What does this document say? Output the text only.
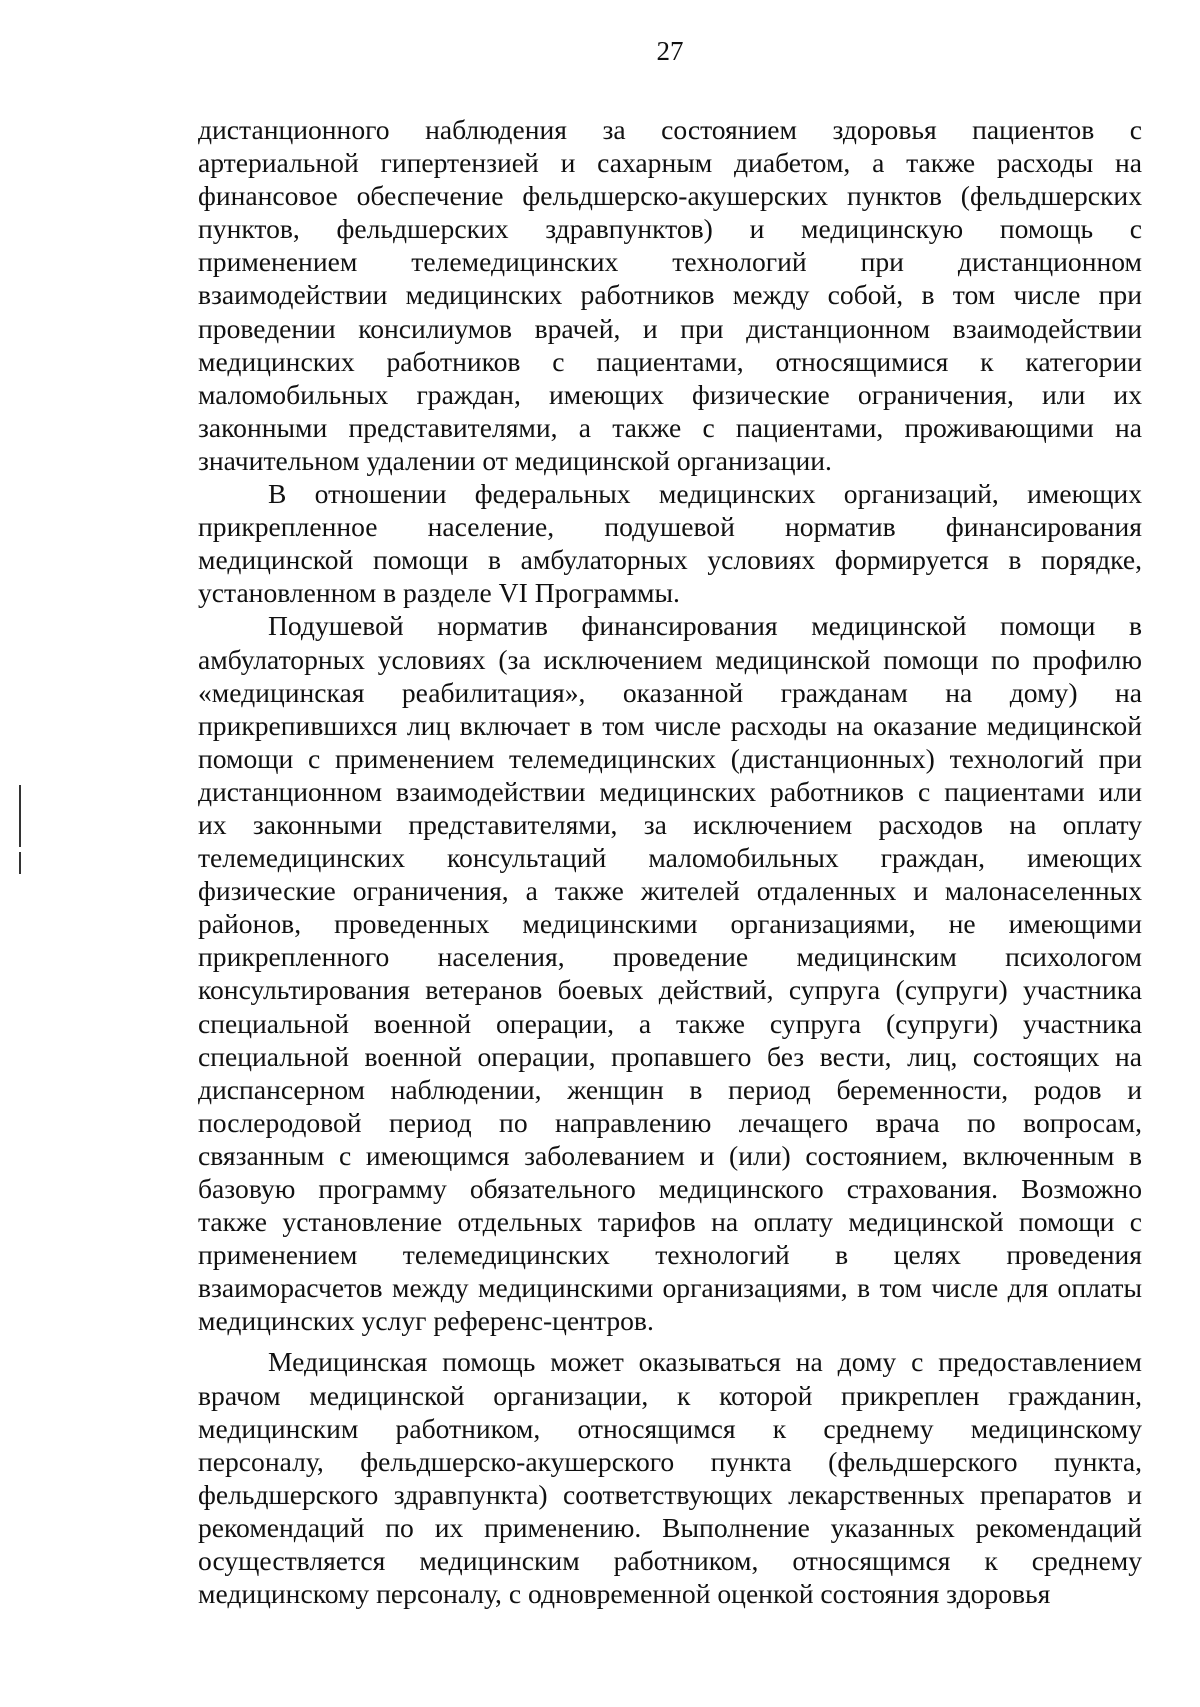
27
дистанционного наблюдения за состоянием здоровья пациентов с
артериальной гипертензией и сахарным диабетом, а также расходы на
финансовое обеспечение фельдшерско-акушерских пунктов (фельдшерских
пунктов, фельдшерских здравпунктов) и медицинскую помощь с
применением телемедицинских технологий при дистанционном
взаимодействии медицинских работников между собой, в том числе при
проведении консилиумов врачей, и при дистанционном взаимодействии
медицинских работников с пациентами, относящимися к категории
маломобильных граждан, имеющих физические ограничения, или их
законными представителями, а также с пациентами, проживающими на
значительном удалении от медицинской организации.
В отношении федеральных медицинских организаций, имеющих
прикрепленное население, подушевой норматив финансирования
медицинской помощи в амбулаторных условиях формируется в порядке,
установленном в разделе VI Программы.
Подушевой норматив финансирования медицинской помощи в
амбулаторных условиях (за исключением медицинской помощи по профилю
«медицинская реабилитация», оказанной гражданам на дому) на
прикрепившихся лиц включает в том числе расходы на оказание медицинской
помощи с применением телемедицинских (дистанционных) технологий при
дистанционном взаимодействии медицинских работников с пациентами или
их законными представителями, за исключением расходов на оплату
телемедицинских консультаций маломобильных граждан, имеющих
физические ограничения, а также жителей отдаленных и малонаселенных
районов, проведенных медицинскими организациями, не имеющими
прикрепленного населения, проведение медицинским психологом
консультирования ветеранов боевых действий, супруга (супруги) участника
специальной военной операции, а также супруга (супруги) участника
специальной военной операции, пропавшего без вести, лиц, состоящих на
диспансерном наблюдении, женщин в период беременности, родов и
послеродовой период по направлению лечащего врача по вопросам,
связанным с имеющимся заболеванием и (или) состоянием, включенным в
базовую программу обязательного медицинского страхования. Возможно
также установление отдельных тарифов на оплату медицинской помощи с
применением телемедицинских технологий в целях проведения
взаиморасчетов между медицинскими организациями, в том числе для оплаты
медицинских услуг референс-центров.
Медицинская помощь может оказываться на дому с предоставлением
врачом медицинской организации, к которой прикреплен гражданин,
медицинским работником, относящимся к среднему медицинскому
персоналу, фельдшерско-акушерского пункта (фельдшерского пункта,
фельдшерского здравпункта) соответствующих лекарственных препаратов и
рекомендаций по их применению. Выполнение указанных рекомендаций
осуществляется медицинским работником, относящимся к среднему
медицинскому персоналу, с одновременной оценкой состояния здоровья
